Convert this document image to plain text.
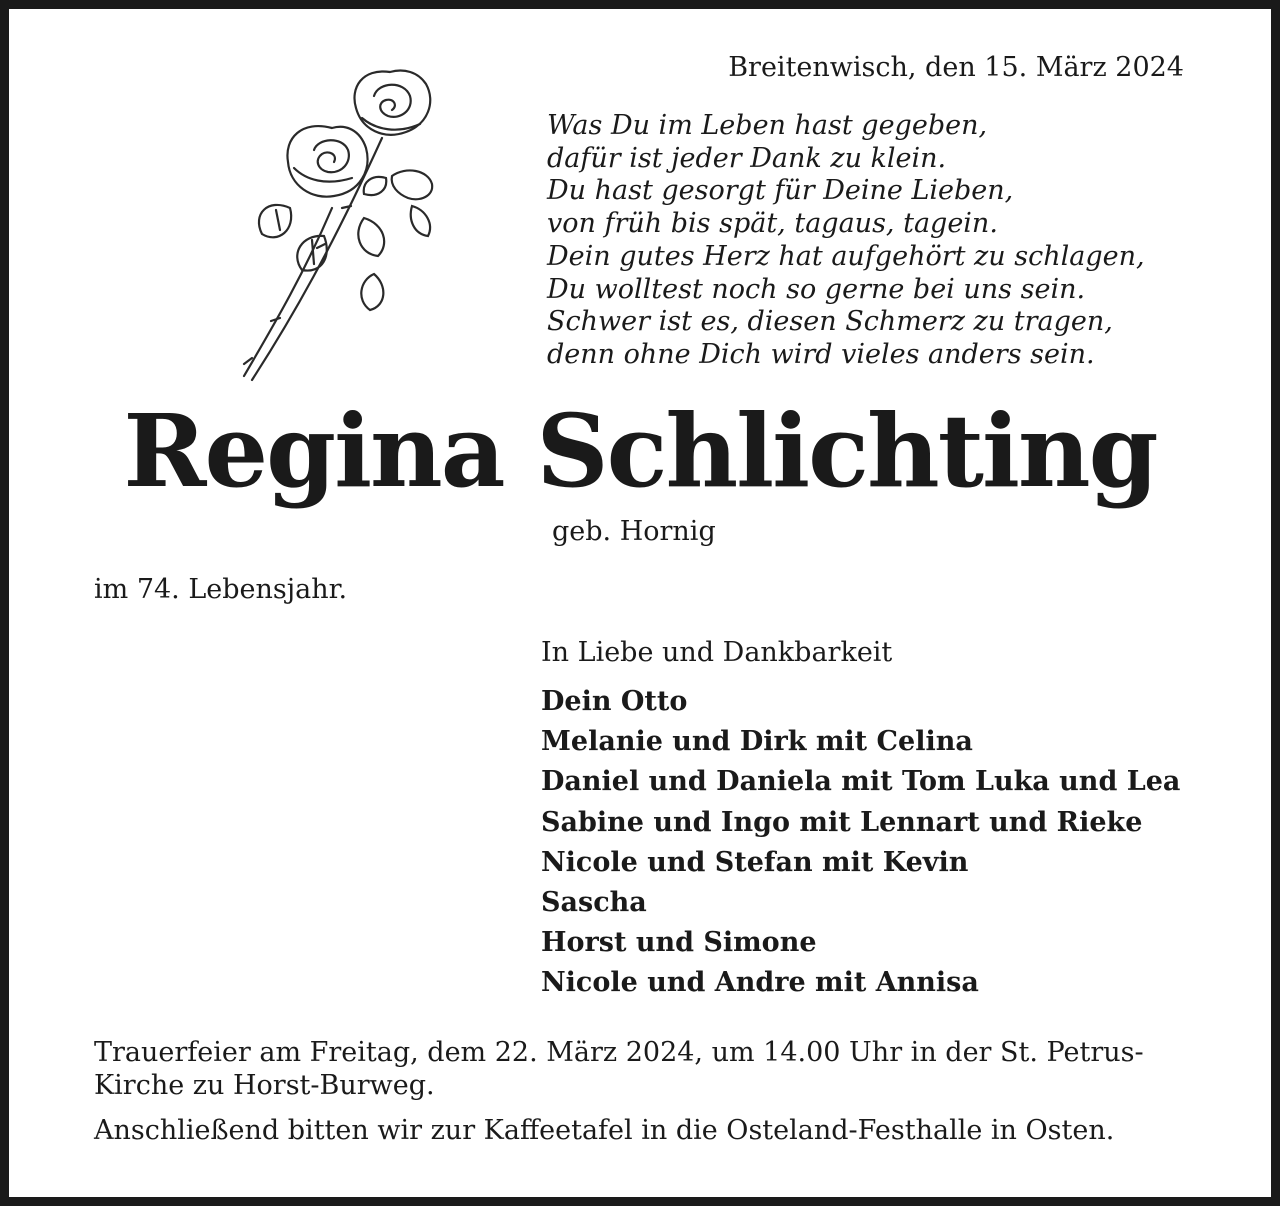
Breitenwisch, den 15. März 2024
Was Du im Leben hast gegeben,
dafür ist jeder Dank zu klein.
Du hast gesorgt für Deine Lieben,
von früh bis spät, tagaus, tagein.
Dein gutes Herz hat aufgehört zu schlagen,
Du wolltest noch so gerne bei uns sein.
Schwer ist es, diesen Schmerz zu tragen,
denn ohne Dich wird vieles anders sein.
Regina Schlichting
geb. Hornig
im 74. Lebensjahr.
In Liebe und Dankbarkeit
Dein Otto
Melanie und Dirk mit Celina
Daniel und Daniela mit Tom Luka und Lea
Sabine und Ingo mit Lennart und Rieke
Nicole und Stefan mit Kevin
Sascha
Horst und Simone
Nicole und Andre mit Annisa
Trauerfeier am Freitag, dem 22. März 2024, um 14.00 Uhr in der St. Petrus-
Kirche zu Horst-Burweg.
Anschließend bitten wir zur Kaffeetafel in die Osteland-Festhalle in Osten.
